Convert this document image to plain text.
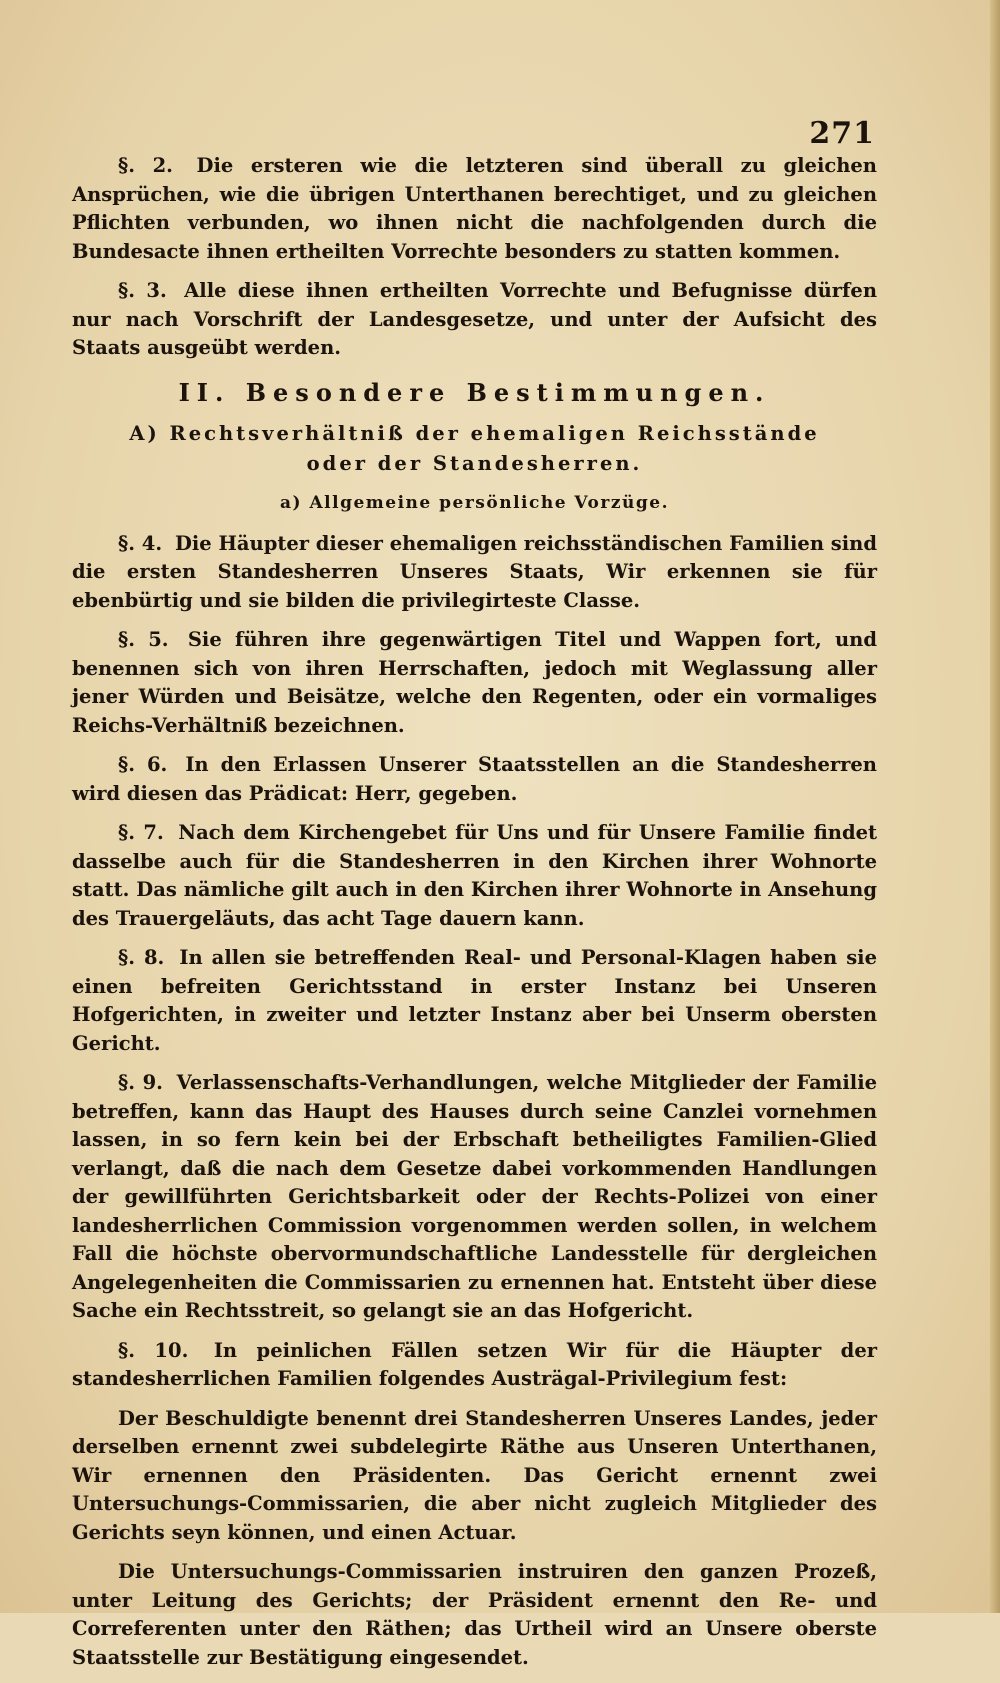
271

§. 2. Die ersteren wie die letzteren sind überall zu gleichen Ansprüchen, wie die übrigen Unterthanen berechtiget, und zu gleichen Pflichten verbunden, wo ihnen nicht die nachfolgenden durch die Bundesacte ihnen ertheilten Vorrechte besonders zu statten kommen.

§. 3. Alle diese ihnen ertheilten Vorrechte und Befugnisse dürfen nur nach Vorschrift der Landesgesetze, und unter der Aufsicht des Staats ausgeübt werden.

II. Besondere Bestimmungen.
A) Rechtsverhältniß der ehemaligen Reichsstände oder der Standesherren.
a) Allgemeine persönliche Vorzüge.

§. 4. Die Häupter dieser ehemaligen reichsständischen Familien sind die ersten Standesherren Unseres Staats, Wir erkennen sie für ebenbürtig und sie bilden die privilegirteste Classe.

§. 5. Sie führen ihre gegenwärtigen Titel und Wappen fort, und benennen sich von ihren Herrschaften, jedoch mit Weglassung aller jener Würden und Beisätze, welche den Regenten, oder ein vormaliges Reichs-Verhältniß bezeichnen.

§. 6. In den Erlassen Unserer Staatsstellen an die Standesherren wird diesen das Prädicat: Herr, gegeben.

§. 7. Nach dem Kirchengebet für Uns und für Unsere Familie findet dasselbe auch für die Standesherren in den Kirchen ihrer Wohnorte statt. Das nämliche gilt auch in den Kirchen ihrer Wohnorte in Ansehung des Trauergeläuts, das acht Tage dauern kann.

§. 8. In allen sie betreffenden Real- und Personal-Klagen haben sie einen befreiten Gerichtsstand in erster Instanz bei Unseren Hofgerichten, in zweiter und letzter Instanz aber bei Unserm obersten Gericht.

§. 9. Verlassenschafts-Verhandlungen, welche Mitglieder der Familie betreffen, kann das Haupt des Hauses durch seine Canzlei vornehmen lassen, in so fern kein bei der Erbschaft betheiligtes Familien-Glied verlangt, daß die nach dem Gesetze dabei vorkommenden Handlungen der gewillführten Gerichtsbarkeit oder der Rechts-Polizei von einer landesherrlichen Commission vorgenommen werden sollen, in welchem Fall die höchste obervormundschaftliche Landesstelle für dergleichen Angelegenheiten die Commissarien zu ernennen hat. Entsteht über diese Sache ein Rechtsstreit, so gelangt sie an das Hofgericht.

§. 10. In peinlichen Fällen setzen Wir für die Häupter der standesherrlichen Familien folgendes Austrägal-Privilegium fest:

Der Beschuldigte benennt drei Standesherren Unseres Landes, jeder derselben ernennt zwei subdelegirte Räthe aus Unseren Unterthanen, Wir ernennen den Präsidenten. Das Gericht ernennt zwei Untersuchungs-Commissarien, die aber nicht zugleich Mitglieder des Gerichts seyn können, und einen Actuar.

Die Untersuchungs-Commissarien instruiren den ganzen Prozeß, unter Leitung des Gerichts; der Präsident ernennt den Re- und Correferenten unter den Räthen; das Urtheil wird an Unsere oberste Staatsstelle zur Bestätigung eingesendet.
